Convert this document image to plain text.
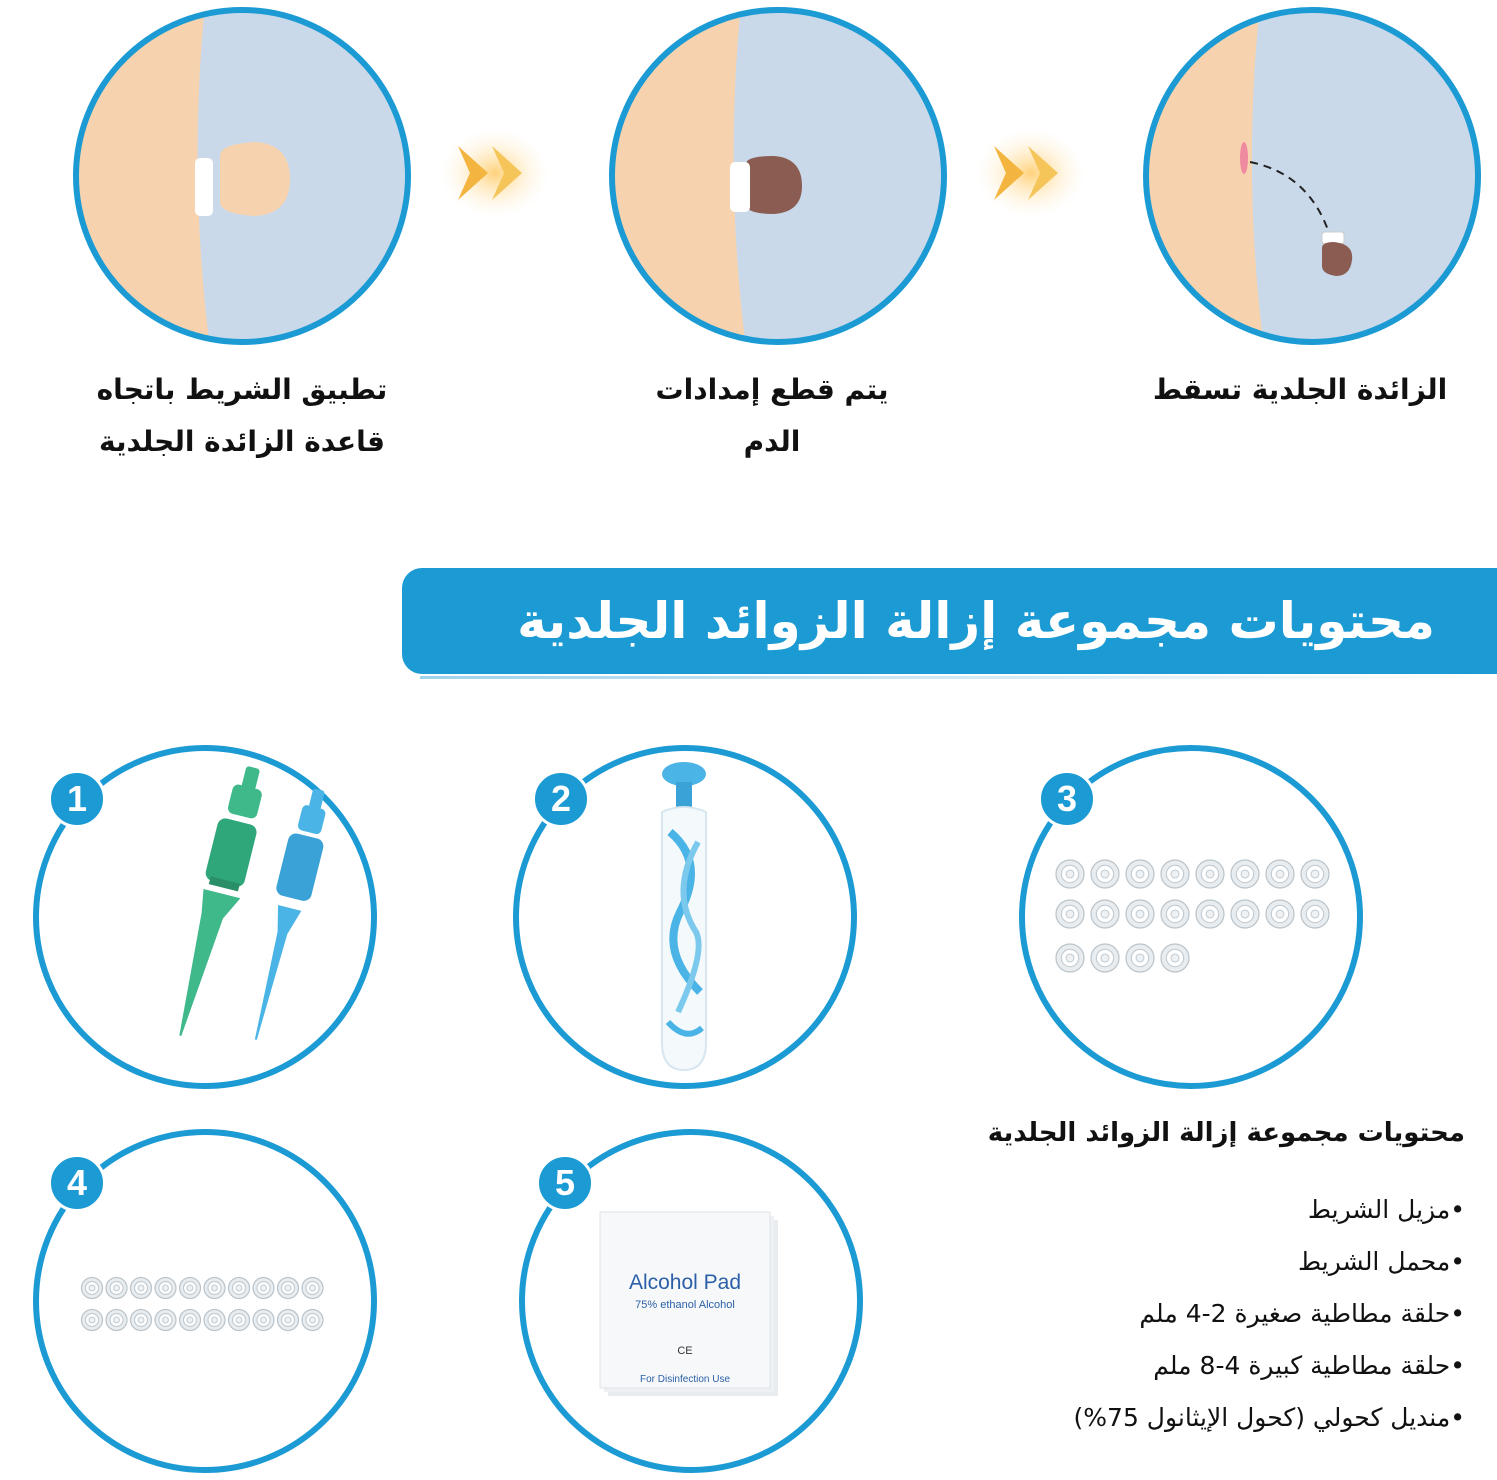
تطبيق الشريط باتجاه
قاعدة الزائدة الجلدية
يتم قطع إمدادات
الدم
الزائدة الجلدية تسقط
محتويات مجموعة إزالة الزوائد الجلدية
1	2	3
4
Alcohol Pad
75% ethanol Alcohol
CE
For Disinfection Use
5
محتويات مجموعة إزالة الزوائد الجلدية
• مزيل الشريط
• محمل الشريط
• حلقة مطاطية صغيرة 2-4 ملم
• حلقة مطاطية كبيرة 4-8 ملم
• منديل كحولي (كحول الإيثانول 75%)
